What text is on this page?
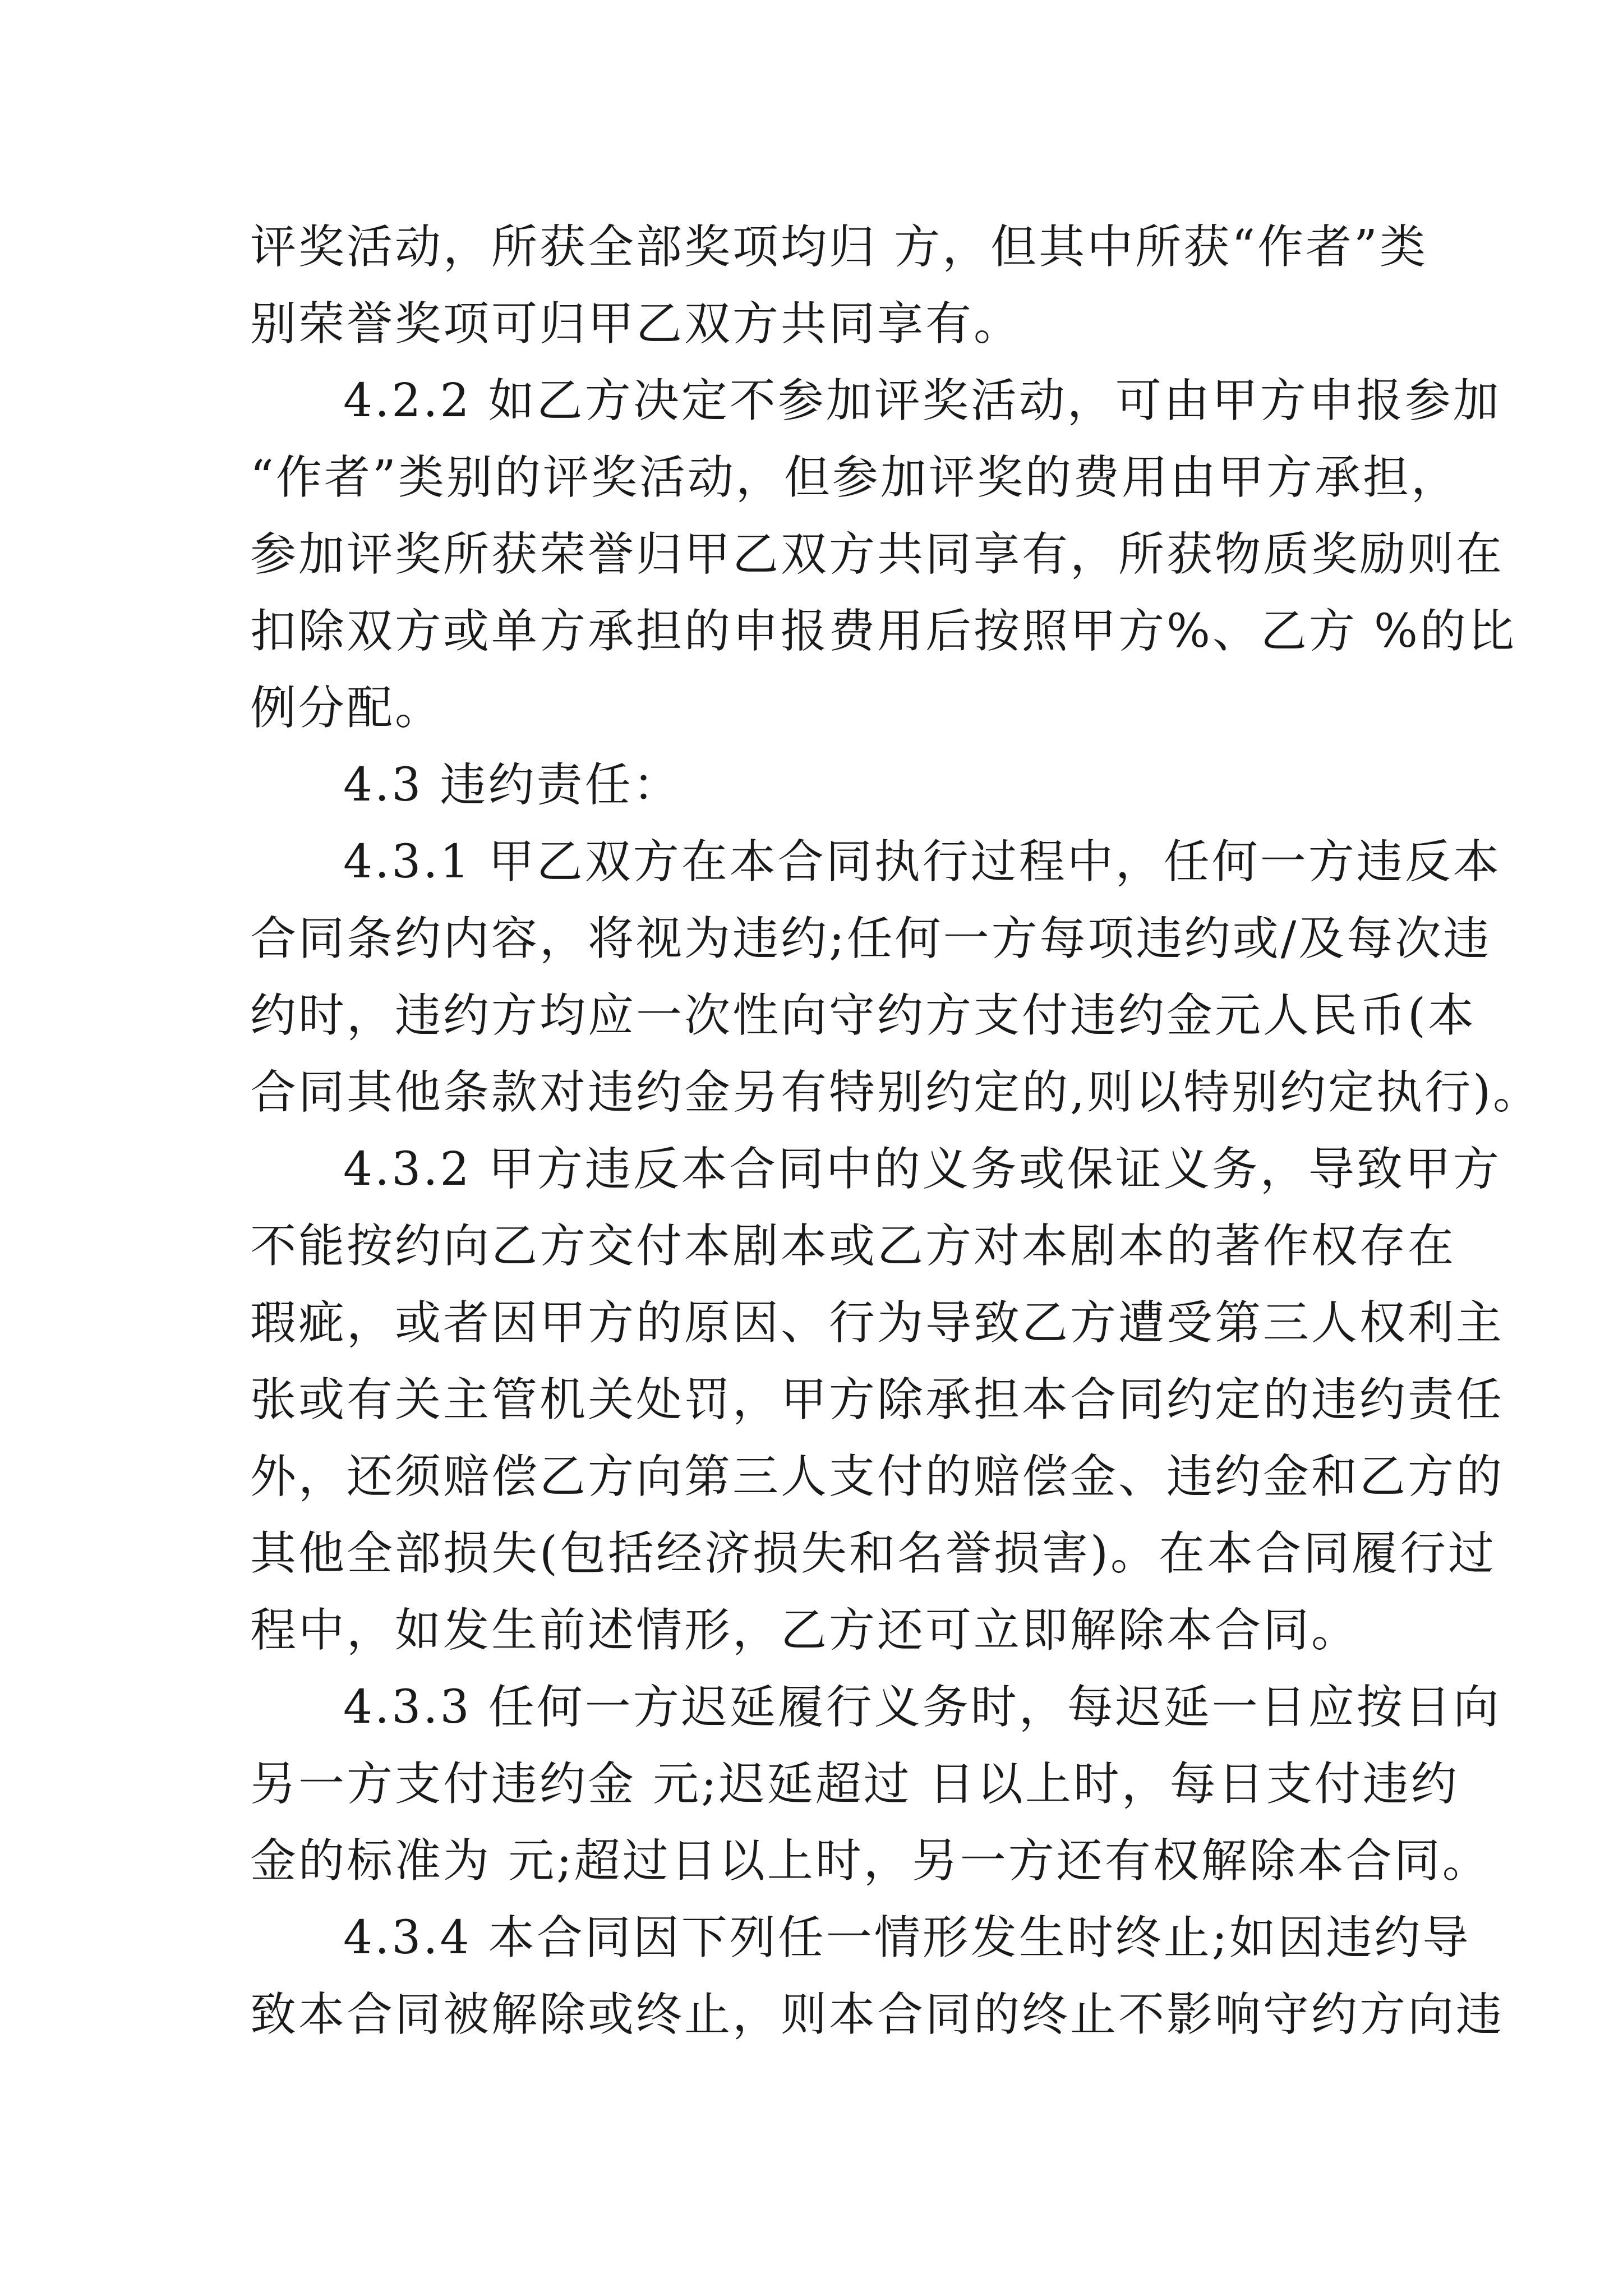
评奖活动，所获全部奖项均归 方，但其中所获“作者”类
别荣誉奖项可归甲乙双方共同享有。
4.2.2 如乙方决定不参加评奖活动，可由甲方申报参加
“作者”类别的评奖活动，但参加评奖的费用由甲方承担，
参加评奖所获荣誉归甲乙双方共同享有，所获物质奖励则在
扣除双方或单方承担的申报费用后按照甲方%、乙方 %的比
例分配。
4.3 违约责任：
4.3.1 甲乙双方在本合同执行过程中，任何一方违反本
合同条约内容，将视为违约;任何一方每项违约或/及每次违
约时，违约方均应一次性向守约方支付违约金元人民币(本
合同其他条款对违约金另有特别约定的,则以特别约定执行)。
4.3.2 甲方违反本合同中的义务或保证义务，导致甲方
不能按约向乙方交付本剧本或乙方对本剧本的著作权存在
瑕疵，或者因甲方的原因、行为导致乙方遭受第三人权利主
张或有关主管机关处罚，甲方除承担本合同约定的违约责任
外，还须赔偿乙方向第三人支付的赔偿金、违约金和乙方的
其他全部损失(包括经济损失和名誉损害)。在本合同履行过
程中，如发生前述情形，乙方还可立即解除本合同。
4.3.3 任何一方迟延履行义务时，每迟延一日应按日向
另一方支付违约金 元;迟延超过 日以上时，每日支付违约
金的标准为 元;超过日以上时，另一方还有权解除本合同。
4.3.4 本合同因下列任一情形发生时终止;如因违约导
致本合同被解除或终止，则本合同的终止不影响守约方向违
